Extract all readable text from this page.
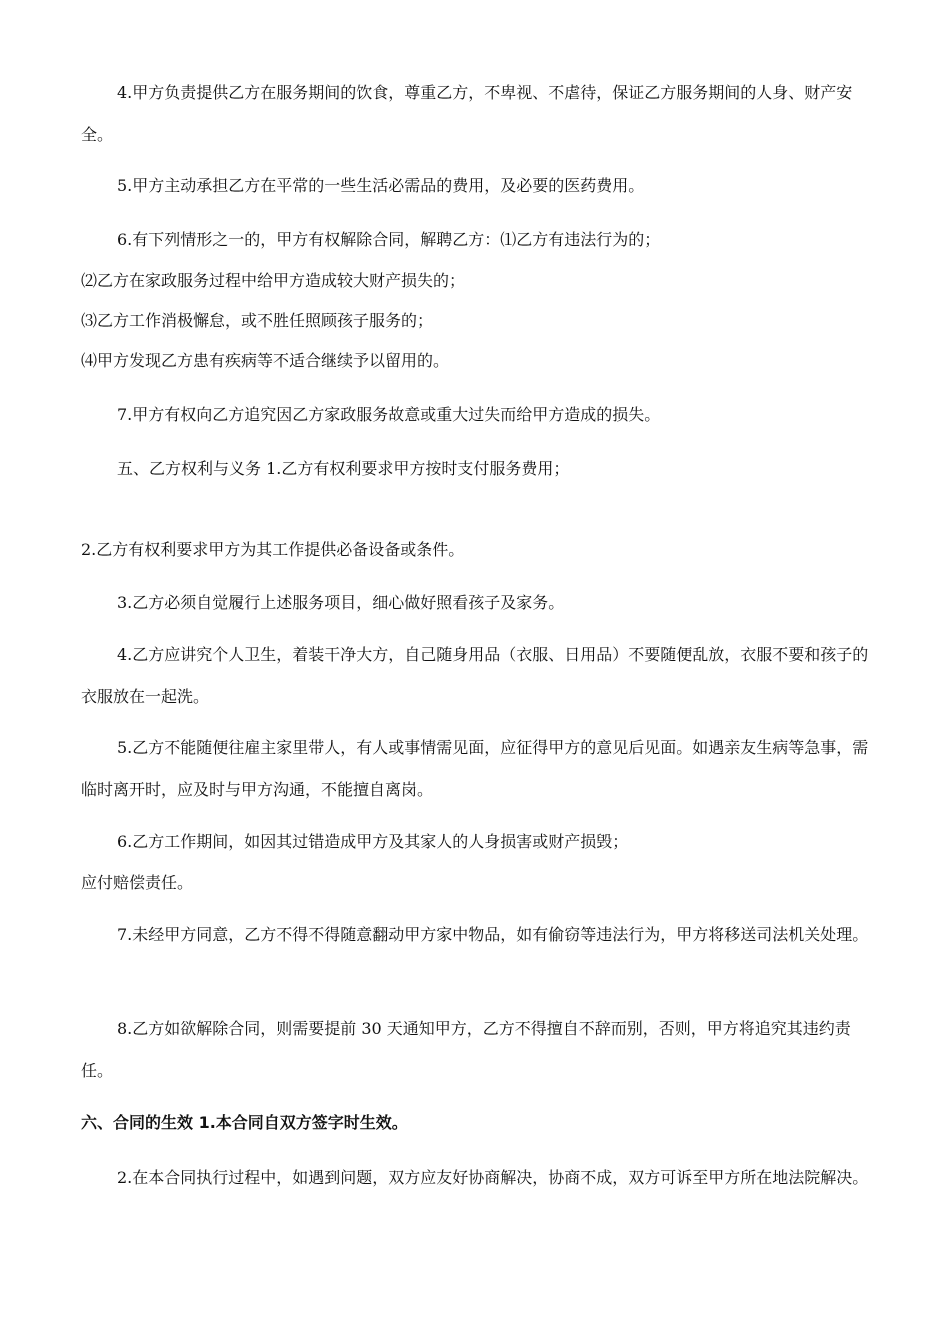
4.甲方负责提供乙方在服务期间的饮食，尊重乙方，不卑视、不虐待，保证乙方服务期间的人身、财产安全。

5.甲方主动承担乙方在平常的一些生活必需品的费用，及必要的医药费用。

6.有下列情形之一的，甲方有权解除合同，解聘乙方：⑴乙方有违法行为的；

⑵乙方在家政服务过程中给甲方造成较大财产损失的；

⑶乙方工作消极懈怠，或不胜任照顾孩子服务的；

⑷甲方发现乙方患有疾病等不适合继续予以留用的。

7.甲方有权向乙方追究因乙方家政服务故意或重大过失而给甲方造成的损失。

五、乙方权利与义务 1.乙方有权利要求甲方按时支付服务费用；

2.乙方有权利要求甲方为其工作提供必备设备或条件。

3.乙方必须自觉履行上述服务项目，细心做好照看孩子及家务。

4.乙方应讲究个人卫生，着装干净大方，自己随身用品（衣服、日用品）不要随便乱放，衣服不要和孩子的衣服放在一起洗。

5.乙方不能随便往雇主家里带人，有人或事情需见面，应征得甲方的意见后见面。如遇亲友生病等急事，需临时离开时，应及时与甲方沟通，不能擅自离岗。

6.乙方工作期间，如因其过错造成甲方及其家人的人身损害或财产损毁；

应付赔偿责任。

7.未经甲方同意，乙方不得不得随意翻动甲方家中物品，如有偷窃等违法行为，甲方将移送司法机关处理。

8.乙方如欲解除合同，则需要提前 30 天通知甲方，乙方不得擅自不辞而别，否则，甲方将追究其违约责任。

六、合同的生效 1.本合同自双方签字时生效。

2.在本合同执行过程中，如遇到问题，双方应友好协商解决，协商不成，双方可诉至甲方所在地法院解决。
